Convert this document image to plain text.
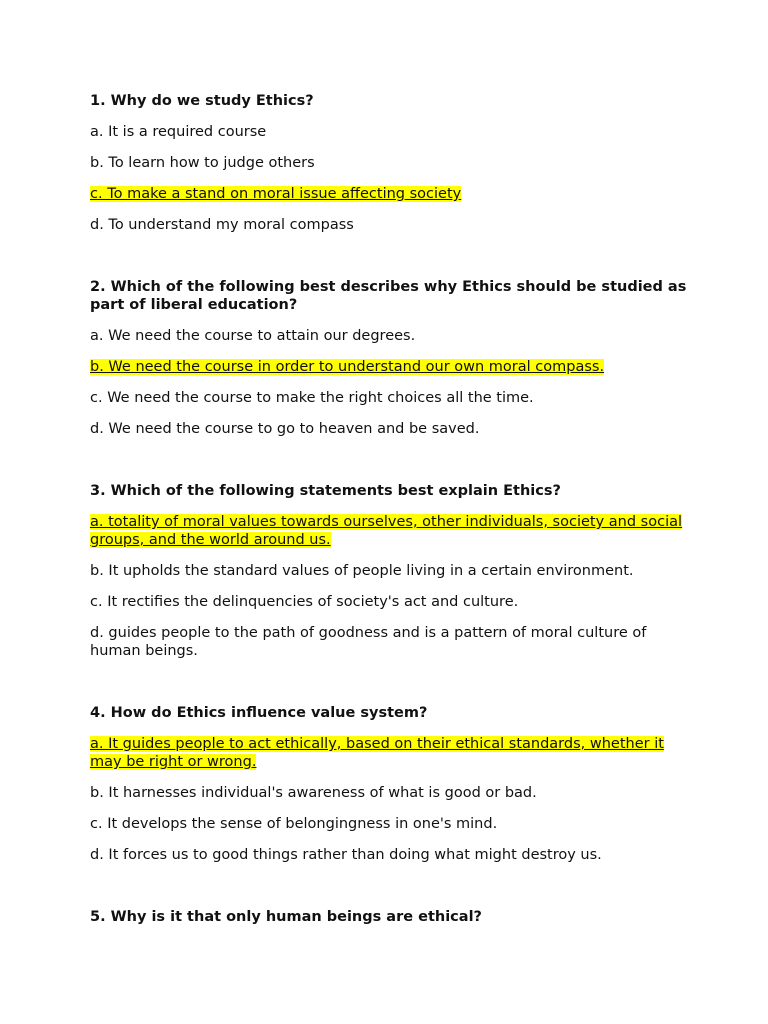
1. Why do we study Ethics?
a. It is a required course
b. To learn how to judge others
c. To make a stand on moral issue affecting society
d. To understand my moral compass
2. Which of the following best describes why Ethics should be studied as part of liberal education?
a. We need the course to attain our degrees.
b. We need the course in order to understand our own moral compass.
c. We need the course to make the right choices all the time.
d. We need the course to go to heaven and be saved.
3. Which of the following statements best explain Ethics?
a. totality of moral values towards ourselves, other individuals, society and social groups, and the world around us.
b. It upholds the standard values of people living in a certain environment.
c. It rectifies the delinquencies of society's act and culture.
d. guides people to the path of goodness and is a pattern of moral culture of human beings.
4. How do Ethics influence value system?
a. It guides people to act ethically, based on their ethical standards, whether it may be right or wrong.
b. It harnesses individual's awareness of what is good or bad.
c. It develops the sense of belongingness in one's mind.
d. It forces us to good things rather than doing what might destroy us.
5. Why is it that only human beings are ethical?
